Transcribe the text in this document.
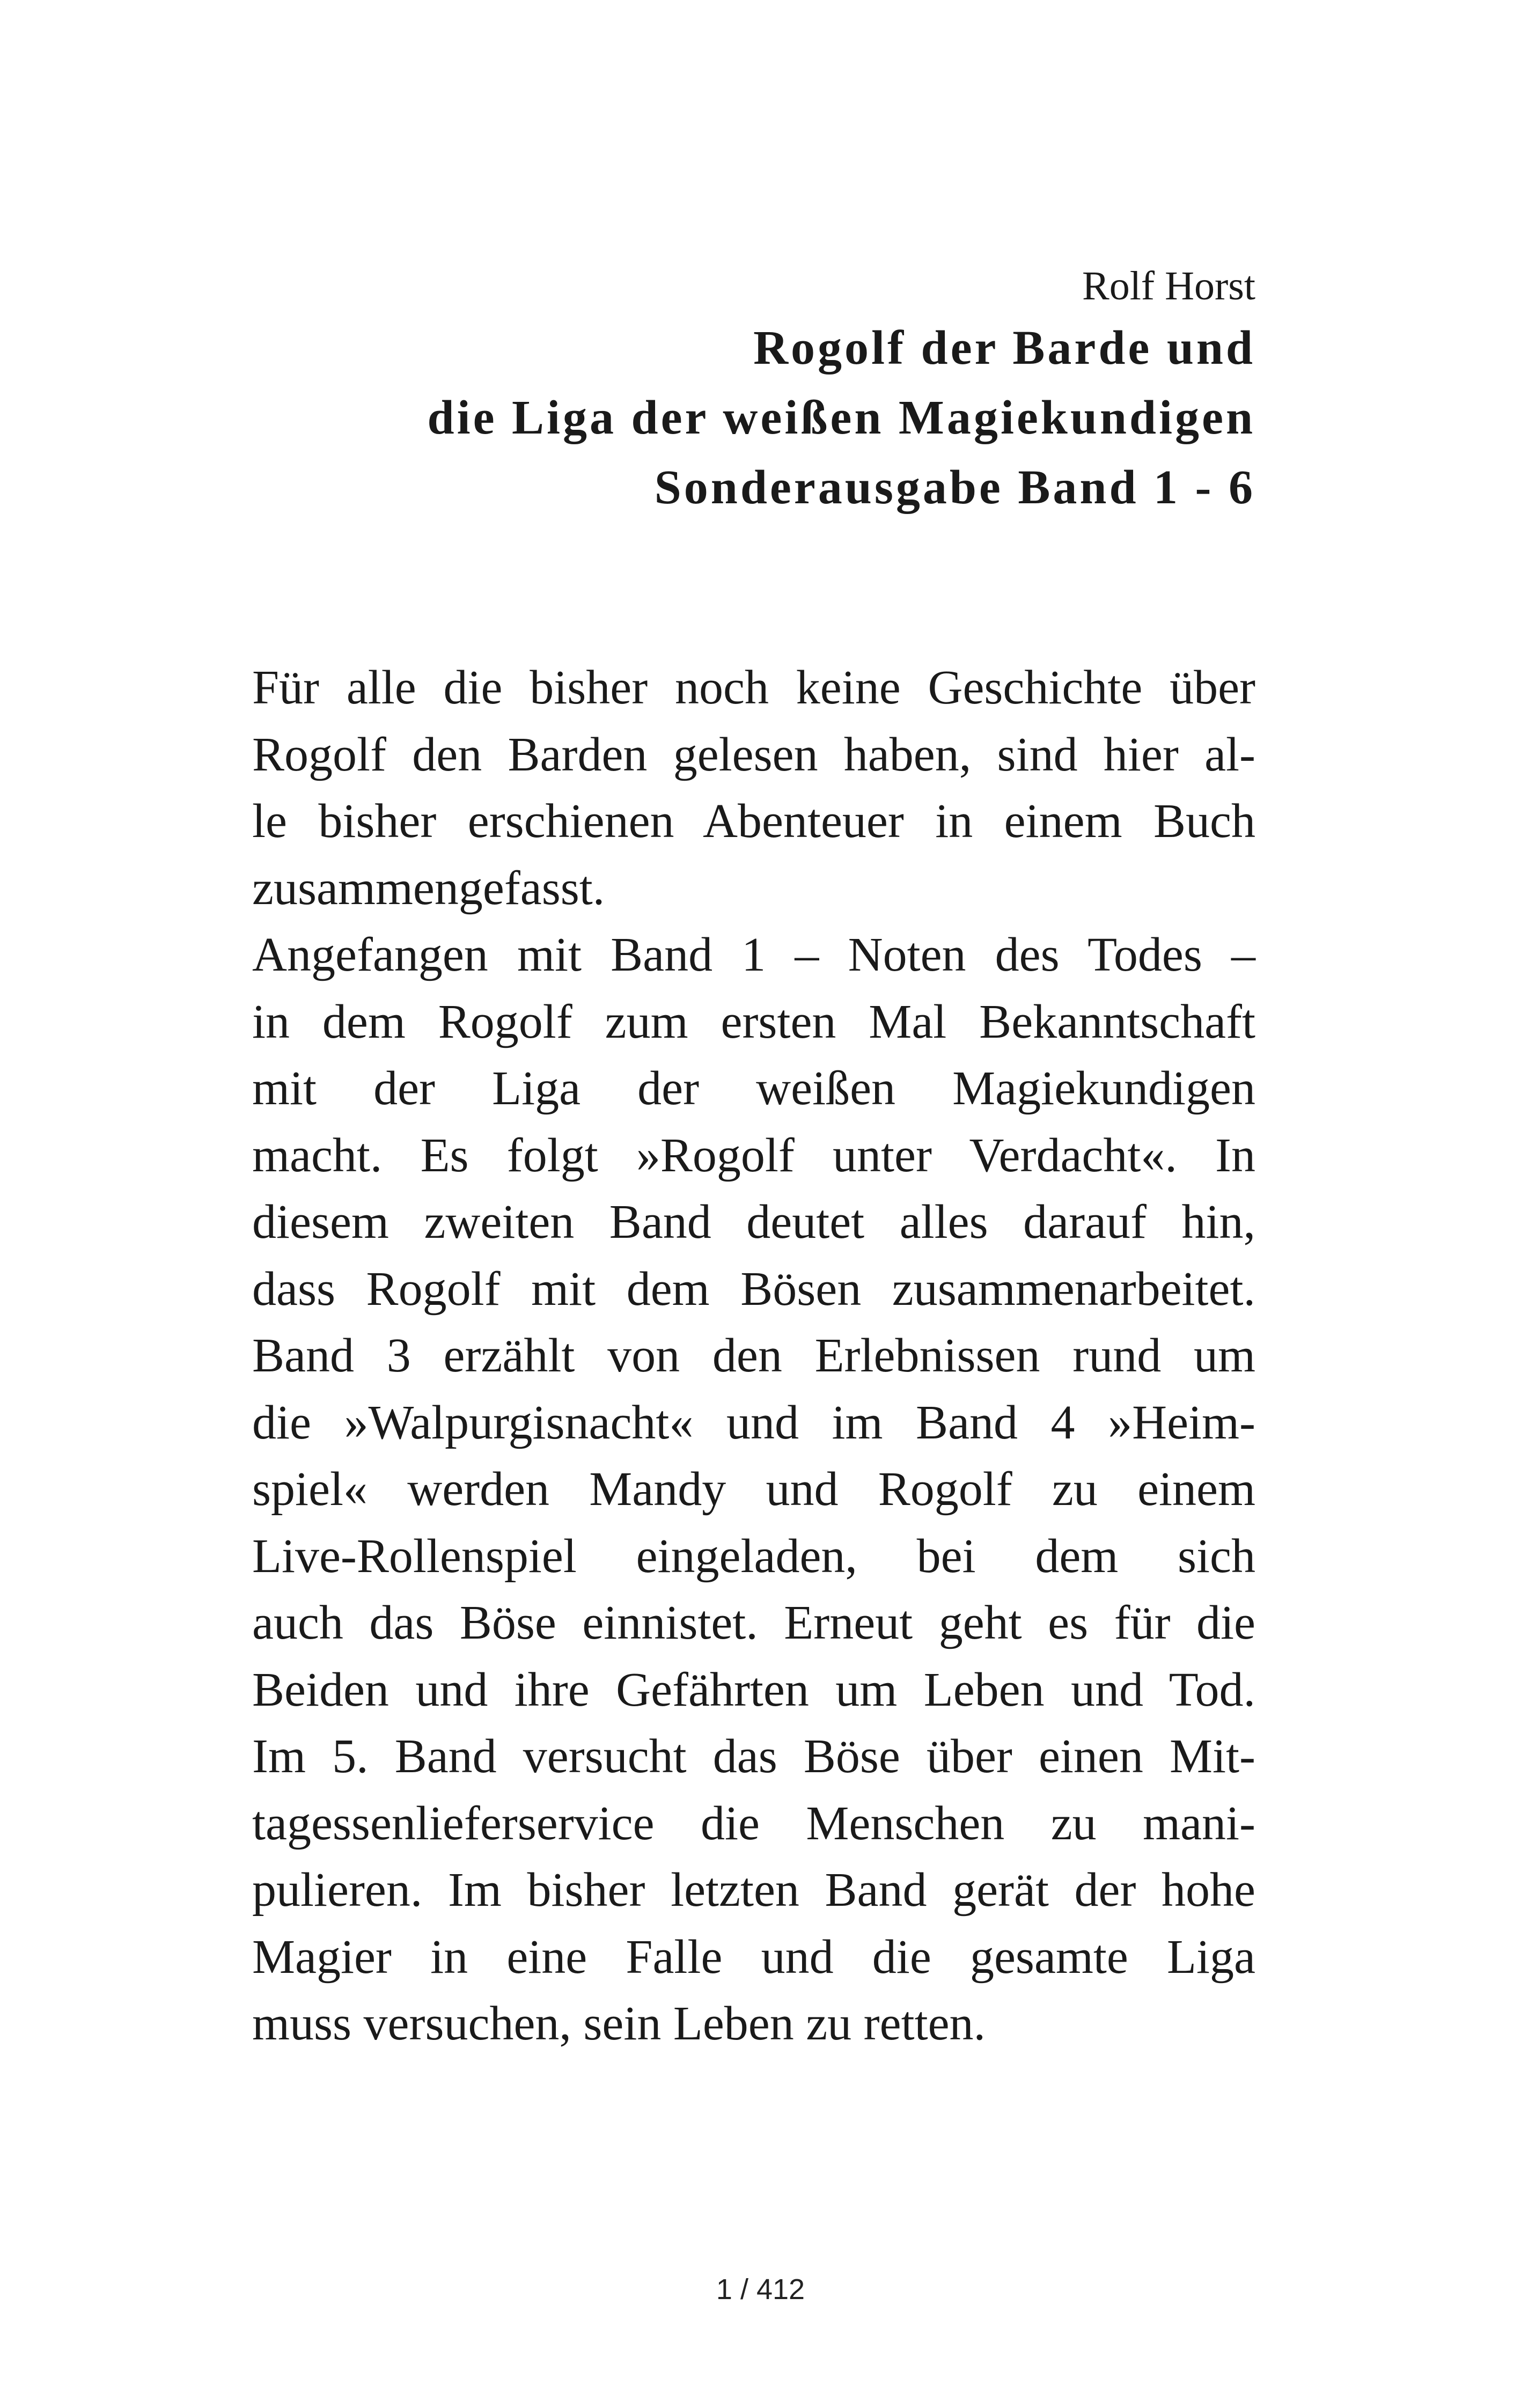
Rolf Horst
Rogolf der Barde und
die Liga der weißen Magiekundigen
Sonderausgabe Band 1 - 6

Für alle die bisher noch keine Geschichte über
Rogolf den Barden gelesen haben, sind hier al-
le bisher erschienen Abenteuer in einem Buch
zusammengefasst.

Angefangen mit Band 1 – Noten des Todes –
in dem Rogolf zum ersten Mal Bekanntschaft
mit der Liga der weißen Magiekundigen
macht. Es folgt »Rogolf unter Verdacht«. In
diesem zweiten Band deutet alles darauf hin,
dass Rogolf mit dem Bösen zusammenarbeitet.
Band 3 erzählt von den Erlebnissen rund um
die »Walpurgisnacht« und im Band 4 »Heim-
spiel« werden Mandy und Rogolf zu einem
Live-Rollenspiel eingeladen, bei dem sich
auch das Böse einnistet. Erneut geht es für die
Beiden und ihre Gefährten um Leben und Tod.
Im 5. Band versucht das Böse über einen Mit-
tagessenlieferservice die Menschen zu mani-
pulieren. Im bisher letzten Band gerät der hohe
Magier in eine Falle und die gesamte Liga
muss versuchen, sein Leben zu retten.

1 / 412
